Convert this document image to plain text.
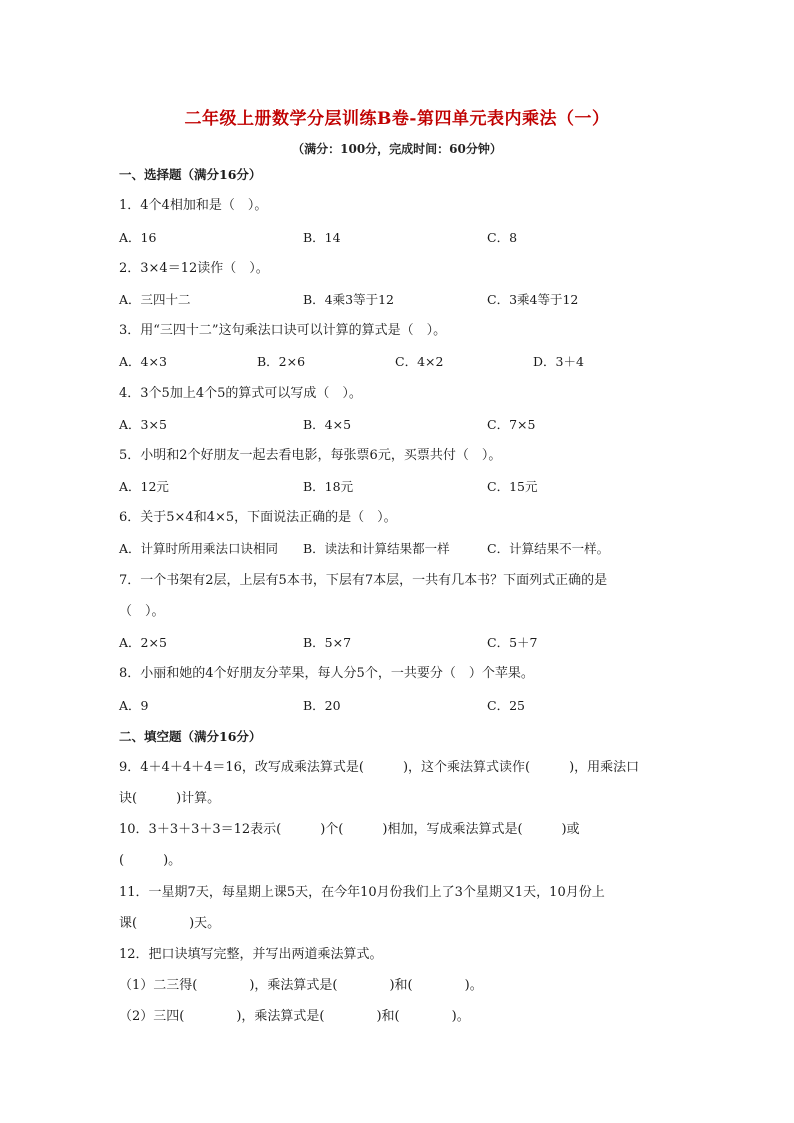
二年级上册数学分层训练B卷-第四单元表内乘法（一）
（满分：100分，完成时间：60分钟）
一、选择题（满分16分）
1．4个4相加和是（　）。
A．16	B．14	C．8
2．3×4＝12读作（　）。
A．三四十二	B．4乘3等于12	C．3乘4等于12
3．用“三四十二”这句乘法口诀可以计算的算式是（　）。
A．4×3	B．2×6	C．4×2	D．3＋4
4．3个5加上4个5的算式可以写成（　）。
A．3×5	B．4×5	C．7×5
5．小明和2个好朋友一起去看电影，每张票6元，买票共付（　）。
A．12元	B．18元	C．15元
6．关于5×4和4×5，下面说法正确的是（　）。
A．计算时所用乘法口诀相同 B．读法和计算结果都一样	C．计算结果不一样。
7．一个书架有2层，上层有5本书，下层有7本层，一共有几本书？下面列式正确的是
（　）。
A．2×5	B．5×7	C．5＋7
8．小丽和她的4个好朋友分苹果，每人分5个，一共要分（　）个苹果。
A．9	B．20	C．25
二、填空题（满分16分）
9．4＋4＋4＋4＝16，改写成乘法算式是(　　　)，这个乘法算式读作(　　　)，用乘法口
诀(　　　)计算。
10．3＋3＋3＋3＝12表示(　　　)个(　　　)相加，写成乘法算式是(　　　)或
(　　　)。
11．一星期7天，每星期上课5天，在今年10月份我们上了3个星期又1天，10月份上
课(　　　　)天。
12．把口诀填写完整，并写出两道乘法算式。
（1）二三得(　　　　)，乘法算式是(　　　　)和(　　　　)。
（2）三四(　　　　)，乘法算式是(　　　　)和(　　　　)。
